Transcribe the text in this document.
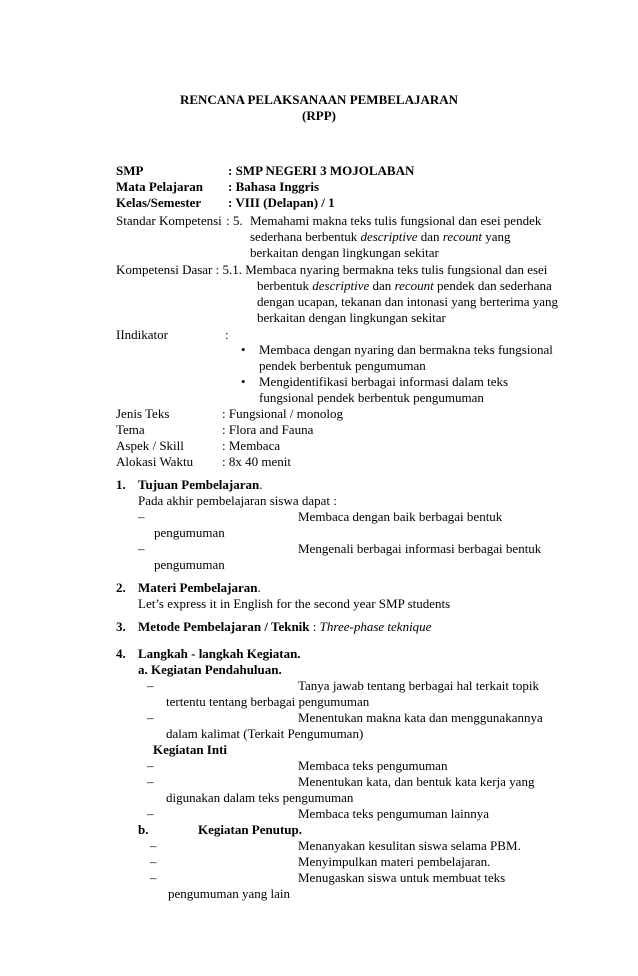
RENCANA PELAKSANAAN PEMBELAJARAN
(RPP)
SMP	: SMP NEGERI 3 MOJOLABAN
Mata Pelajaran : Bahasa Inggris
Kelas/Semester : VIII (Delapan) / 1
Standar Kompetensi : 5. Memahami makna teks tulis fungsional dan esei pendek
sederhana berbentuk descriptive dan recount yang
berkaitan dengan lingkungan sekitar
Kompetensi Dasar : 5.1. Membaca nyaring bermakna teks tulis fungsional dan esei
berbentuk descriptive dan recount pendek dan sederhana
dengan ucapan, tekanan dan intonasi yang berterima yang
berkaitan dengan lingkungan sekitar
IIndikator	:
• Membaca dengan nyaring dan bermakna teks fungsional
pendek berbentuk pengumuman
• Mengidentifikasi berbagai informasi dalam teks
fungsional pendek berbentuk pengumuman
Jenis Teks	: Fungsional / monolog
Tema	: Flora and Fauna
Aspek / Skill	: Membaca
Alokasi Waktu : 8x 40 menit
1. Tujuan Pembelajaran.
Pada akhir pembelajaran siswa dapat :
–	Membaca dengan baik berbagai bentuk
pengumuman
–	Mengenali berbagai informasi berbagai bentuk
pengumuman
2. Materi Pembelajaran.
Let’s express it in English for the second year SMP students
3. Metode Pembelajaran / Teknik : Three-phase teknique
4. Langkah - langkah Kegiatan.
a. Kegiatan Pendahuluan.
–	Tanya jawab tentang berbagai hal terkait topik
tertentu tentang berbagai pengumuman
–	Menentukan makna kata dan menggunakannya
dalam kalimat (Terkait Pengumuman)
Kegiatan Inti
–	Membaca teks pengumuman
–	Menentukan kata, dan bentuk kata kerja yang
digunakan dalam teks pengumuman
–	Membaca teks pengumuman lainnya
b.	Kegiatan Penutup.
–	Menanyakan kesulitan siswa selama PBM.
–	Menyimpulkan materi pembelajaran.
–	Menugaskan siswa untuk membuat teks
pengumuman yang lain
